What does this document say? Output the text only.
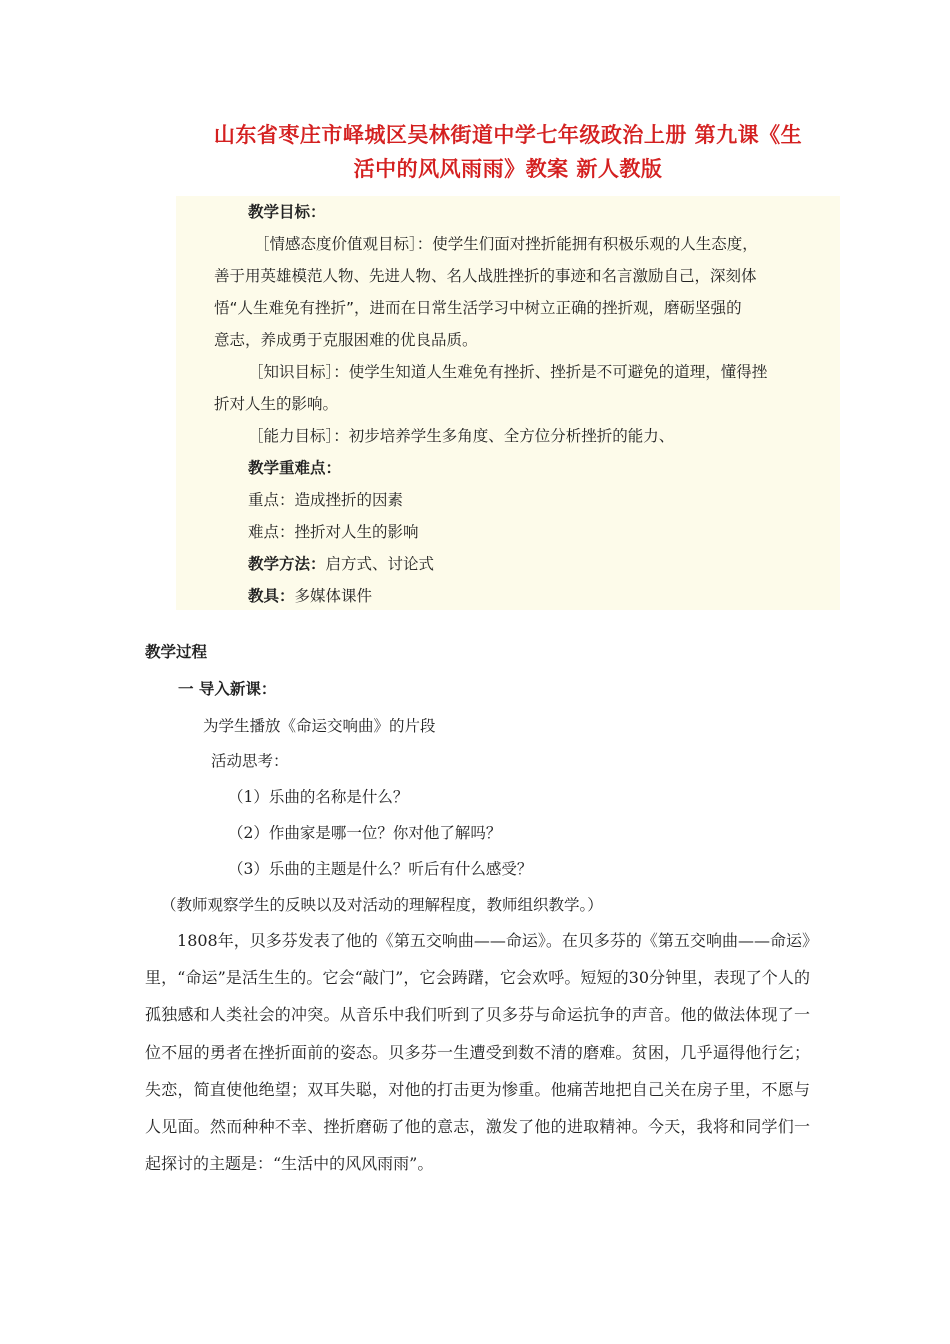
山东省枣庄市峄城区吴林街道中学七年级政治上册 第九课《生
活中的风风雨雨》教案 新人教版
教学目标：
［情感态度价值观目标］：使学生们面对挫折能拥有积极乐观的人生态度，
善于用英雄模范人物、先进人物、名人战胜挫折的事迹和名言激励自己，深刻体
悟“人生难免有挫折”，进而在日常生活学习中树立正确的挫折观，磨砺坚强的
意志，养成勇于克服困难的优良品质。
［知识目标］：使学生知道人生难免有挫折、挫折是不可避免的道理，懂得挫
折对人生的影响。
［能力目标］：初步培养学生多角度、全方位分析挫折的能力、
教学重难点：
重点：造成挫折的因素
难点：挫折对人生的影响
教学方法：启方式、讨论式
教具：多媒体课件
教学过程
一 导入新课：
为学生播放《命运交响曲》的片段
活动思考：
（1）乐曲的名称是什么？
（2）作曲家是哪一位？你对他了解吗？
（3）乐曲的主题是什么？听后有什么感受？
（教师观察学生的反映以及对活动的理解程度，教师组织教学。）
　　1808年，贝多芬发表了他的《第五交响曲——命运》。在贝多芬的《第五交响曲——命运》里，“命运”是活生生的。它会“敲门”，它会踌躇，它会欢呼。短短的30分钟里，表现了个人的孤独感和人类社会的冲突。从音乐中我们听到了贝多芬与命运抗争的声音。他的做法体现了一位不屈的勇者在挫折面前的姿态。贝多芬一生遭受到数不清的磨难。贫困，几乎逼得他行乞；失恋，简直使他绝望；双耳失聪，对他的打击更为惨重。他痛苦地把自己关在房子里，不愿与人见面。然而种种不幸、挫折磨砺了他的意志，激发了他的进取精神。今天，我将和同学们一起探讨的主题是：“生活中的风风雨雨”。
